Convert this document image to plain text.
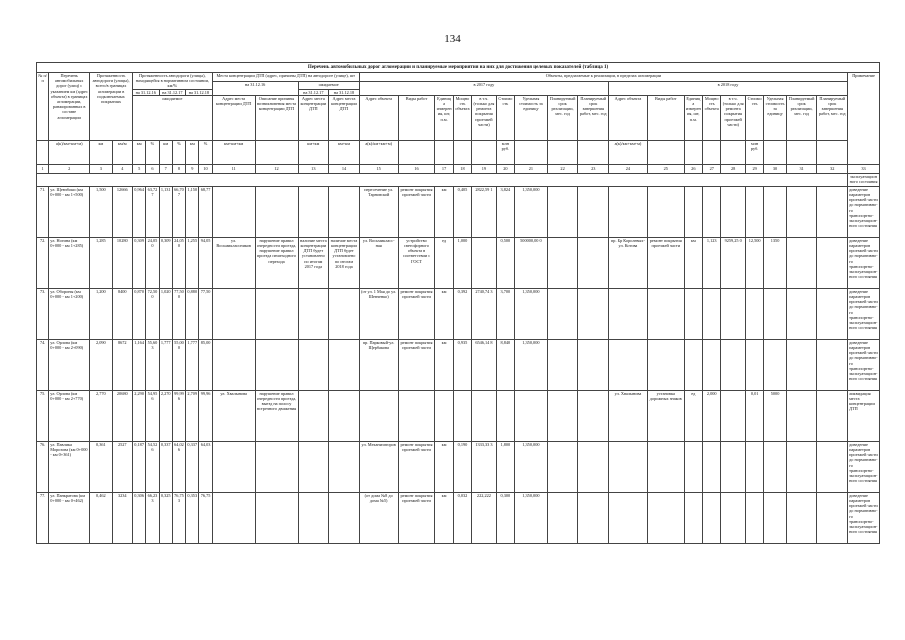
134
Перечень автомобильных дорог агломерации и планируемые мероприятия на них для достижения целевых показателей (таблица 1)																																
№ п/п	Перечень автомобильных дорог (улиц) с указанием км (адрес объекта) в границах агломерации, ранжированных в составе агломерации	Протяженность автодороги (улицы), всего/в границах агломерации в подключаемых покрытиях		Протяженность автодороги (улицы), находящейся в нормативном состоянии, км/%						Места концентрации ДТП (адрес, причины ДТП) на автодороге (улице), шт				Объекты, предлагаемые к реализации, в пределах агломерации																		Примечание
										на 31.12.16		ожидаемое		в 2017 году									в 2018 году									
				на 31.12.16		на 31.12.17		на 31.12.18				на 31.12.17	на 31.12.18																			
				ожидаемое						Адрес места концентрации ДТП	Описание причины возникновения места концентрации ДТП	Адрес места концентрации ДТП	Адрес места концентрации ДТП	Адрес объекта	Виды работ	Единица измерения, шт, п.м.	Мощность объекта	в т.ч. (только для ремонта покрытия проезжей части)	Стоимость	Удельная стоимость за единицу	Планируемый срок реализации, мес. год	Планируемый срок завершения работ, мес. год	Адрес объекта	Виды работ	Единица измерения, шт, п.м.	Мощность объекта	в т.ч. (только для ремонта покрытия проезжей части)	Стоимость	Удельная стоимость за единицу	Планируемый срок реализации, мес. год	Планируемый срок завершения работ, мес. год	
	а(к)/км+км+м)	км	км/м	км	%	км	%	км	%	км+км+км		км+км	км+км	а(к)/км+км+м)					млн руб.				а(к)/км+км+м)					млн руб.				
1	2	3	4	5	6	7	8	9	10	11	12	13	14	15	16	17	18	19	20	21	22	23	24	25	26	27	28	29	30	31	32	33
																																эксплуатационного состояния
71.	ул. Щевчбоки (км 0+000 - км 1+500)	1,500	12666	0,964	63,727	1,131	66,707	1,150	68,77					пересечение ул. Тарновской	ремонт покрытия проезжей части	км	0,405	2822,59 1	3,824	1,350,000												доведение параметров проезжей части до нормативно-го транспортно-эксплуатацион-ного состояния
72.	ул. Ногина (км 0+000 - км 1+285)	1,285	10280	0,309	24,050	0,309	24,050	1,255	94,05	ул. Восьмиклассников	нарушение правил очередности проезда, нарушение правил проезда пешеходного перехода	наличие места концентрации ДТП будет установлено по итогам 2017 года	наличие места концентрации ДТП будет установлено по итогам 2018 года	ул. Восьмикласс-ная	устройство светофорного объекта в соответствии с ГОСТ	ед	1,000		0,500	500000,00 0			пр. Бр Королевых-ул. Котова	ремонт покрытия проезжей части	км	1,123	9259,25 0	12,500	1350			доведение параметров проезжей части до нормативно-го транспортно-эксплуатацион-ного состояния
73.	ул. Обороны (км 0+000 - км 1+200)	1,200	8400	0,870	72,500	1,020	77,500	0,880	77,50					(от ул. 1 Мая до ул. Шевченко)	ремонт покрытия проезжей части	км	0,392	2740,74 3	3,700	1,350,000												доведение параметров проезжей части до нормативно-го транспортно-эксплуатацион-ного состояния
74.	ул. Орлова (км 0+000 - км 2+090)	2,090	8672	1,164	55,603	1,777	55,000	1,777	85,00					пр. Парковый-ул. Щербакова	ремонт покрытия проезжей части	км	0,935	6546,14 8	8,840	1,350,000												доведение параметров проезжей части до нормативно-го транспортно-эксплуатацион-ного состояния
75.	ул. Орлова (км 0+000 - км 2+770)	2,770	20680	2,290	54,956	2,270	99,996	2,709	99,96	ул. Хвалынова	нарушение правил очередности проезда, выезд на полосу встречного движения												ул. Хвалынова	установка дорожных знаков	ед	2,000		0,01	5000			ликвидация места концентрации ДТП
76.	ул. Павлика Морозова (км 0+000 - км 0+361)	0,361	2527	0,187	54,526	0,337	64,026	0,337	64,03					ул. Механизаторов	ремонт покрытия проезжей части	км	0,190	1333,33 3	1,800	1,350,000												доведение параметров проезжей части до нормативно-го транспортно-эксплуатацион-ного состояния
77.	ул. Панкратова (км 0+000 - км 0+462)	0,462	3234	0,306	66,233	0,325	76,753	0,353	76,75					(от дома №8 до дома №5)	ремонт покрытия проезжей части	км	0,032	222,222	0,300	1,350,000												доведение параметров проезжей части до нормативно-го транспортно-эксплуатацион-ного состояния
